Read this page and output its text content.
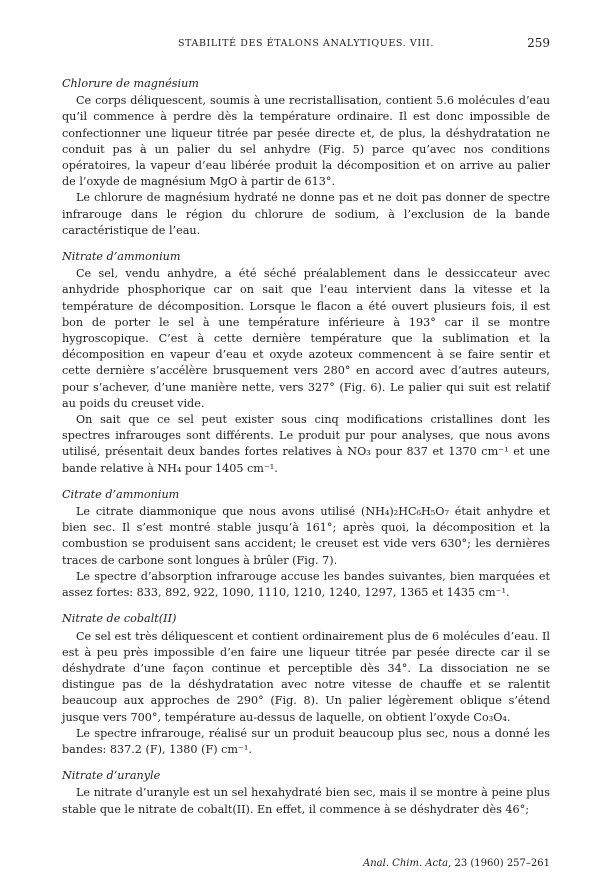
STABILITÉ DES ÉTALONS ANALYTIQUES. VIII.	259

Chlorure de magnésium

Ce corps déliquescent, soumis à une recristallisation, contient 5.6 molécules d’eau qu’il commence à perdre dès la température ordinaire. Il est donc impossible de confectionner une liqueur titrée par pesée directe et, de plus, la déshydratation ne conduit pas à un palier du sel anhydre (Fig. 5) parce qu’avec nos conditions opératoires, la vapeur d’eau libérée produit la décomposition et on arrive au palier de l’oxyde de magnésium MgO à partir de 613°.

Le chlorure de magnésium hydraté ne donne pas et ne doit pas donner de spectre infrarouge dans le région du chlorure de sodium, à l’exclusion de la bande caractéristique de l’eau.

Nitrate d’ammonium

Ce sel, vendu anhydre, a été séché préalablement dans le dessiccateur avec anhydride phosphorique car on sait que l’eau intervient dans la vitesse et la température de décomposition. Lorsque le flacon a été ouvert plusieurs fois, il est bon de porter le sel à une température inférieure à 193° car il se montre hygroscopique. C’est à cette dernière température que la sublimation et la décomposition en vapeur d’eau et oxyde azoteux commencent à se faire sentir et cette dernière s’accélère brusquement vers 280° en accord avec d’autres auteurs, pour s’achever, d’une manière nette, vers 327° (Fig. 6). Le palier qui suit est relatif au poids du creuset vide.

On sait que ce sel peut exister sous cinq modifications cristallines dont les spectres infrarouges sont différents. Le produit pur pour analyses, que nous avons utilisé, présentait deux bandes fortes relatives à NO₃ pour 837 et 1370 cm⁻¹ et une bande relative à NH₄ pour 1405 cm⁻¹.

Citrate d’ammonium

Le citrate diammonique que nous avons utilisé (NH₄)₂HC₆H₅O₇ était anhydre et bien sec. Il s’est montré stable jusqu’à 161°; après quoi, la décomposition et la combustion se produisent sans accident; le creuset est vide vers 630°; les dernières traces de carbone sont longues à brûler (Fig. 7).

Le spectre d’absorption infrarouge accuse les bandes suivantes, bien marquées et assez fortes: 833, 892, 922, 1090, 1110, 1210, 1240, 1297, 1365 et 1435 cm⁻¹.

Nitrate de cobalt(II)

Ce sel est très déliquescent et contient ordinairement plus de 6 molécules d’eau. Il est à peu près impossible d’en faire une liqueur titrée par pesée directe car il se déshydrate d’une façon continue et perceptible dès 34°. La dissociation ne se distingue pas de la déshydratation avec notre vitesse de chauffe et se ralentit beaucoup aux approches de 290° (Fig. 8). Un palier légèrement oblique s’étend jusque vers 700°, température au-dessus de laquelle, on obtient l’oxyde Co₃O₄.

Le spectre infrarouge, réalisé sur un produit beaucoup plus sec, nous a donné les bandes: 837.2 (F), 1380 (F) cm⁻¹.

Nitrate d’uranyle

Le nitrate d’uranyle est un sel hexahydraté bien sec, mais il se montre à peine plus stable que le nitrate de cobalt(II). En effet, il commence à se déshydrater dès 46°;

Anal. Chim. Acta, 23 (1960) 257–261
